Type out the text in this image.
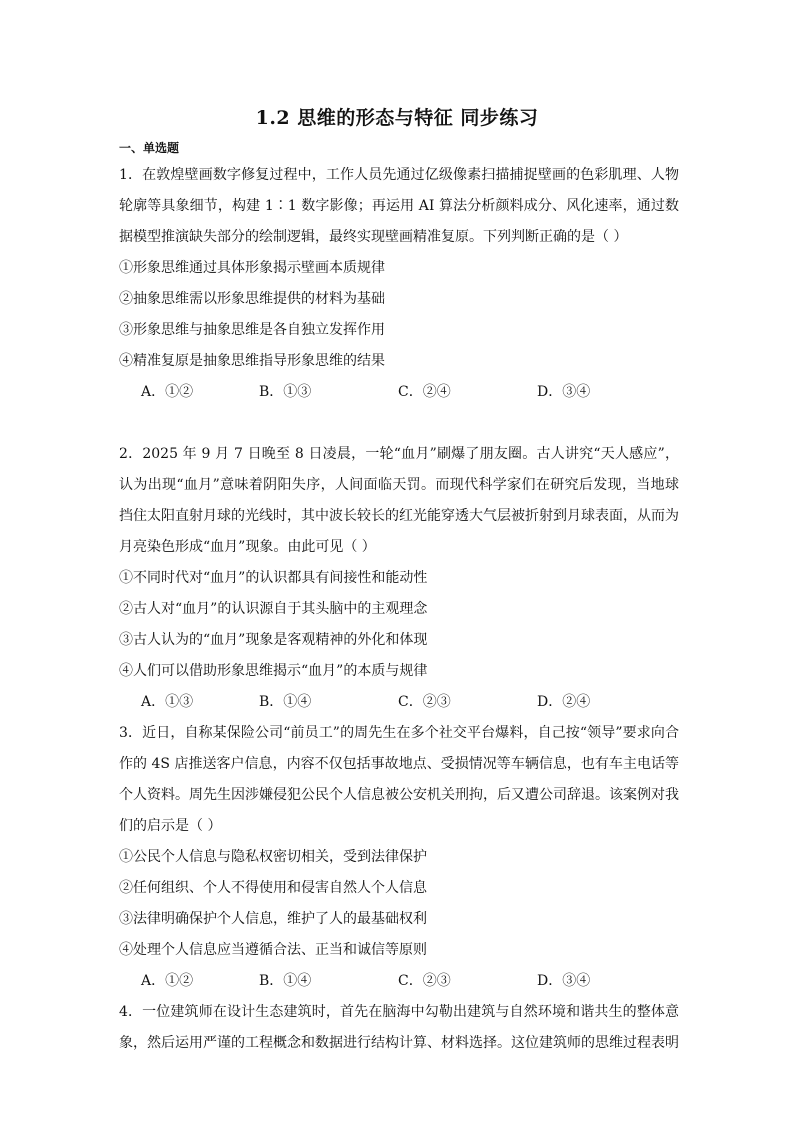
1.2 思维的形态与特征 同步练习
一、单选题

1．在敦煌壁画数字修复过程中，工作人员先通过亿级像素扫描捕捉壁画的色彩肌理、人物轮廓等具象细节，构建 1∶1 数字影像；再运用 AI 算法分析颜料成分、风化速率，通过数据模型推演缺失部分的绘制逻辑，最终实现壁画精准复原。下列判断正确的是（ ）

①形象思维通过具体形象揭示壁画本质规律

②抽象思维需以形象思维提供的材料为基础

③形象思维与抽象思维是各自独立发挥作用

④精准复原是抽象思维指导形象思维的结果

A．①②	B．①③	C．②④	D．③④

2．2025 年 9 月 7 日晚至 8 日凌晨，一轮“血月”刷爆了朋友圈。古人讲究“天人感应”，认为出现“血月”意味着阴阳失序，人间面临天罚。而现代科学家们在研究后发现，当地球挡住太阳直射月球的光线时，其中波长较长的红光能穿透大气层被折射到月球表面，从而为月亮染色形成“血月”现象。由此可见（ ）

①不同时代对“血月”的认识都具有间接性和能动性

②古人对“血月”的认识源自于其头脑中的主观理念

③古人认为的“血月”现象是客观精神的外化和体现

④人们可以借助形象思维揭示“血月”的本质与规律

A．①③	B．①④	C．②③	D．②④

3．近日，自称某保险公司“前员工”的周先生在多个社交平台爆料，自己按“领导”要求向合作的 4S 店推送客户信息，内容不仅包括事故地点、受损情况等车辆信息，也有车主电话等个人资料。周先生因涉嫌侵犯公民个人信息被公安机关刑拘，后又遭公司辞退。该案例对我们的启示是（ ）

①公民个人信息与隐私权密切相关，受到法律保护

②任何组织、个人不得使用和侵害自然人个人信息

③法律明确保护个人信息，维护了人的最基础权利

④处理个人信息应当遵循合法、正当和诚信等原则

A．①②	B．①④	C．②③	D．③④

4．一位建筑师在设计生态建筑时，首先在脑海中勾勒出建筑与自然环境和谐共生的整体意象，然后运用严谨的工程概念和数据进行结构计算、材料选择。这位建筑师的思维过程表明
